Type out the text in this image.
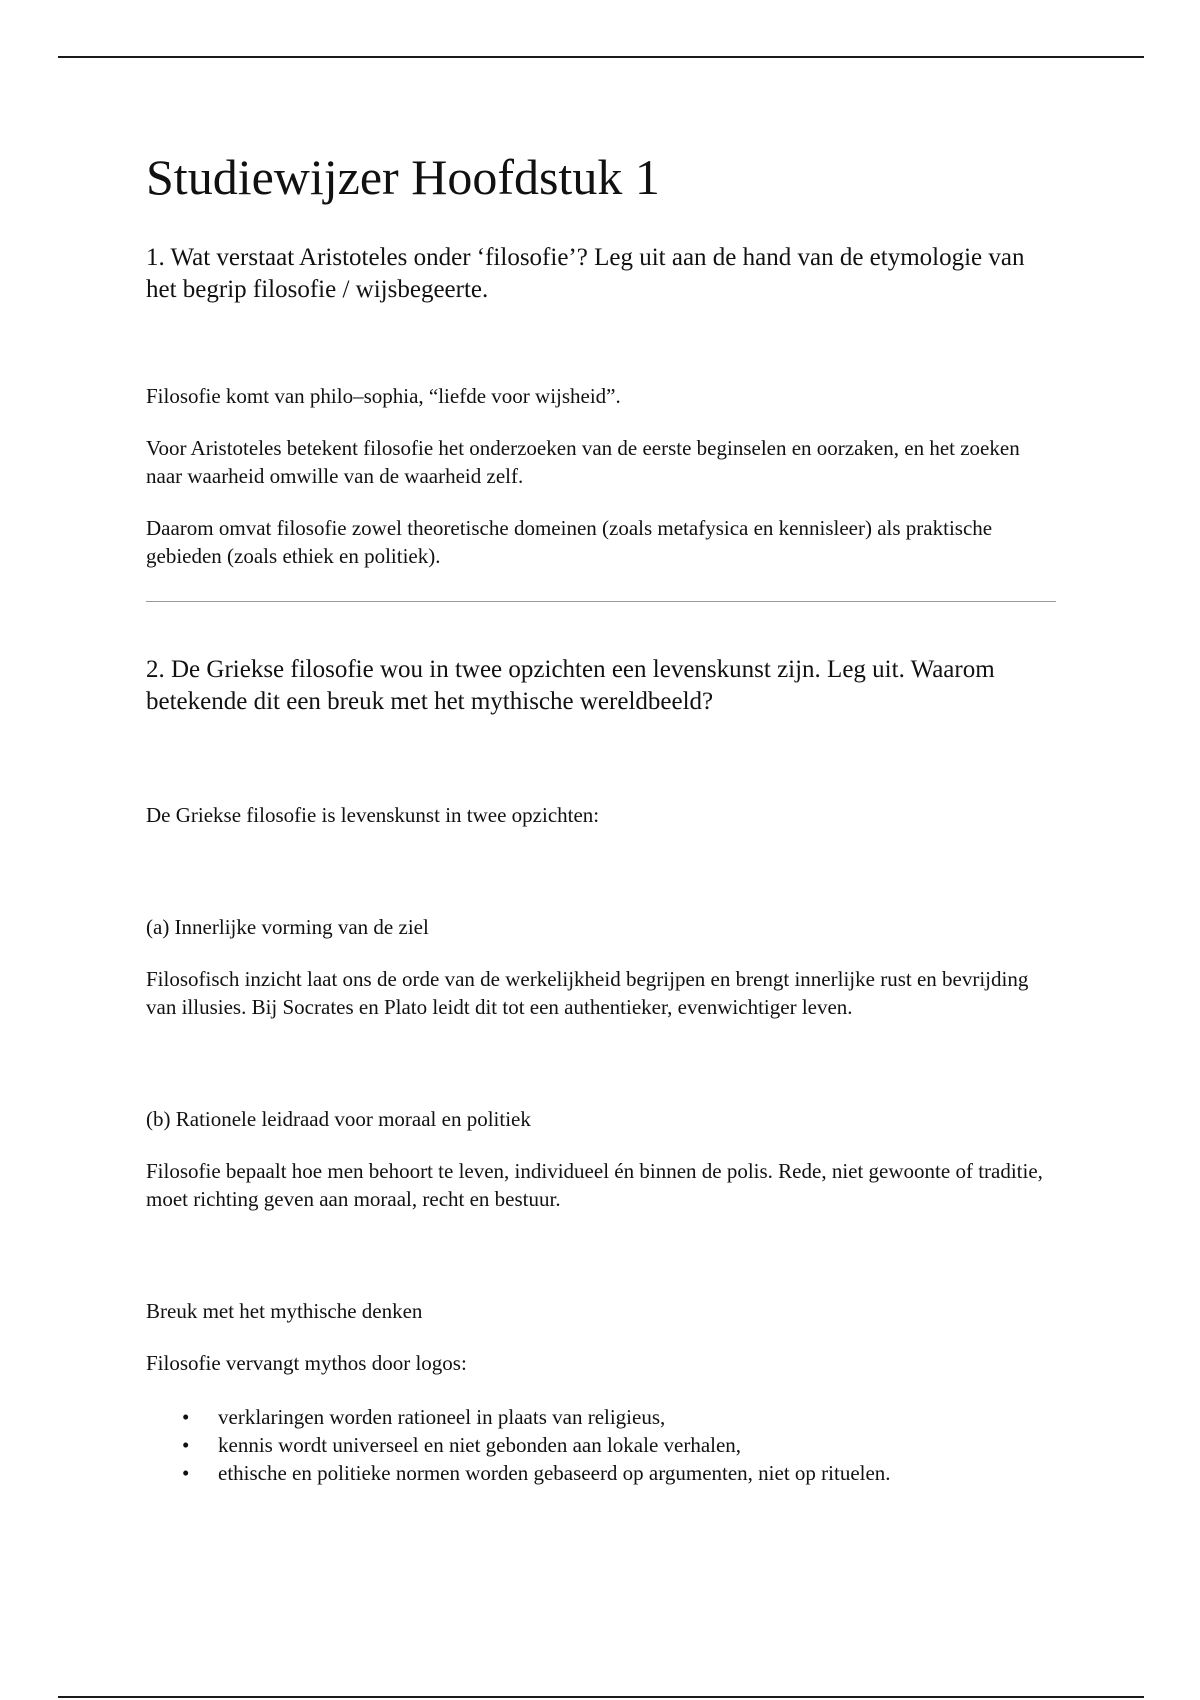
Studiewijzer Hoofdstuk 1

1. Wat verstaat Aristoteles onder ‘filosofie’? Leg uit aan de hand van de etymologie van het begrip filosofie / wijsbegeerte.

Filosofie komt van philo–sophia, “liefde voor wijsheid”.

Voor Aristoteles betekent filosofie het onderzoeken van de eerste beginselen en oorzaken, en het zoeken naar waarheid omwille van de waarheid zelf.

Daarom omvat filosofie zowel theoretische domeinen (zoals metafysica en kennisleer) als praktische gebieden (zoals ethiek en politiek).

2. De Griekse filosofie wou in twee opzichten een levenskunst zijn. Leg uit. Waarom betekende dit een breuk met het mythische wereldbeeld?

De Griekse filosofie is levenskunst in twee opzichten:

(a) Innerlijke vorming van de ziel

Filosofisch inzicht laat ons de orde van de werkelijkheid begrijpen en brengt innerlijke rust en bevrijding van illusies. Bij Socrates en Plato leidt dit tot een authentieker, evenwichtiger leven.

(b) Rationele leidraad voor moraal en politiek

Filosofie bepaalt hoe men behoort te leven, individueel én binnen de polis. Rede, niet gewoonte of traditie, moet richting geven aan moraal, recht en bestuur.

Breuk met het mythische denken

Filosofie vervangt mythos door logos:

• verklaringen worden rationeel in plaats van religieus,
• kennis wordt universeel en niet gebonden aan lokale verhalen,
• ethische en politieke normen worden gebaseerd op argumenten, niet op rituelen.
